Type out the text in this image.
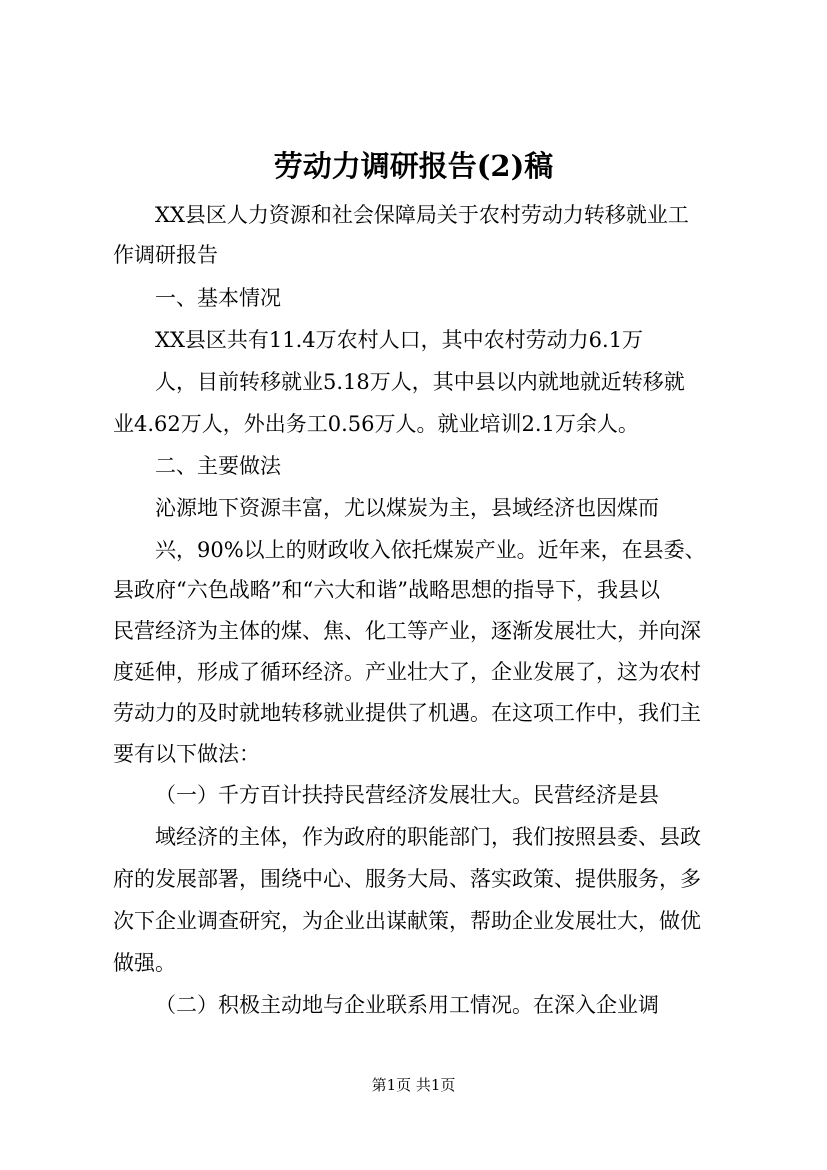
劳动力调研报告(2)稿
XX县区人力资源和社会保障局关于农村劳动力转移就业工
作调研报告
一、基本情况
XX县区共有11.4万农村人口，其中农村劳动力6.1万
人，目前转移就业5.18万人，其中县以内就地就近转移就
业4.62万人，外出务工0.56万人。就业培训2.1万余人。
二、主要做法
沁源地下资源丰富，尤以煤炭为主，县域经济也因煤而
兴，90%以上的财政收入依托煤炭产业。近年来，在县委、
县政府“六色战略”和“六大和谐”战略思想的指导下，我县以
民营经济为主体的煤、焦、化工等产业，逐渐发展壮大，并向深
度延伸，形成了循环经济。产业壮大了，企业发展了，这为农村
劳动力的及时就地转移就业提供了机遇。在这项工作中，我们主
要有以下做法：
（一）千方百计扶持民营经济发展壮大。民营经济是县
域经济的主体，作为政府的职能部门，我们按照县委、县政
府的发展部署，围绕中心、服务大局、落实政策、提供服务，多
次下企业调查研究，为企业出谋献策，帮助企业发展壮大，做优
做强。
（二）积极主动地与企业联系用工情况。在深入企业调
第1页 共1页
